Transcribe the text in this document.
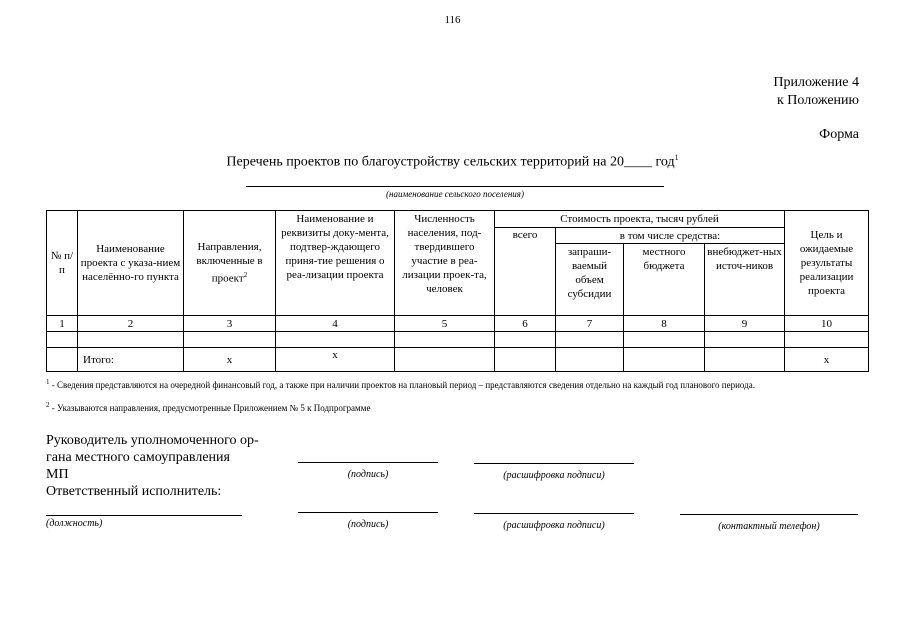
116
Приложение 4
к Положению
Форма
Перечень проектов по благоустройству сельских территорий на 20____ год$^1$
(наименование сельского поселения)
№ п/п	Наименование проекта с указа-нием населённо-го пункта	Направления, включенные в проект$^2$	Наименование и реквизиты доку-мента, подтвер-ждающего приня-тие решения о реа-лизации проекта	Численность населения, под-твердившего участие в реа-лизации проек-та, человек	Стоимость проекта, тысяч рублей				Цель и ожидаемые результаты реализации проекта
					всего	в том числе средства:			
						запраши-ваемый объем субсидии	местного бюджета	внебюджет-ных источ-ников	
1	2	3	4	5	6	7	8	9	10

	Итого:	х	х						х
$^1$ - Сведения представляются на очередной финансовый год, а также при наличии проектов на плановый период – представляются сведения отдельно на каждый год планового периода.
$^2$ - Указываются направления, предусмотренные Приложением № 5 к Подпрограмме
Руководитель уполномоченного ор-
гана местного самоуправления
МП
Ответственный исполнитель:
(подпись)	(расшифровка подписи)
(должность)	(подпись)	(расшифровка подписи)	(контактный телефон)
